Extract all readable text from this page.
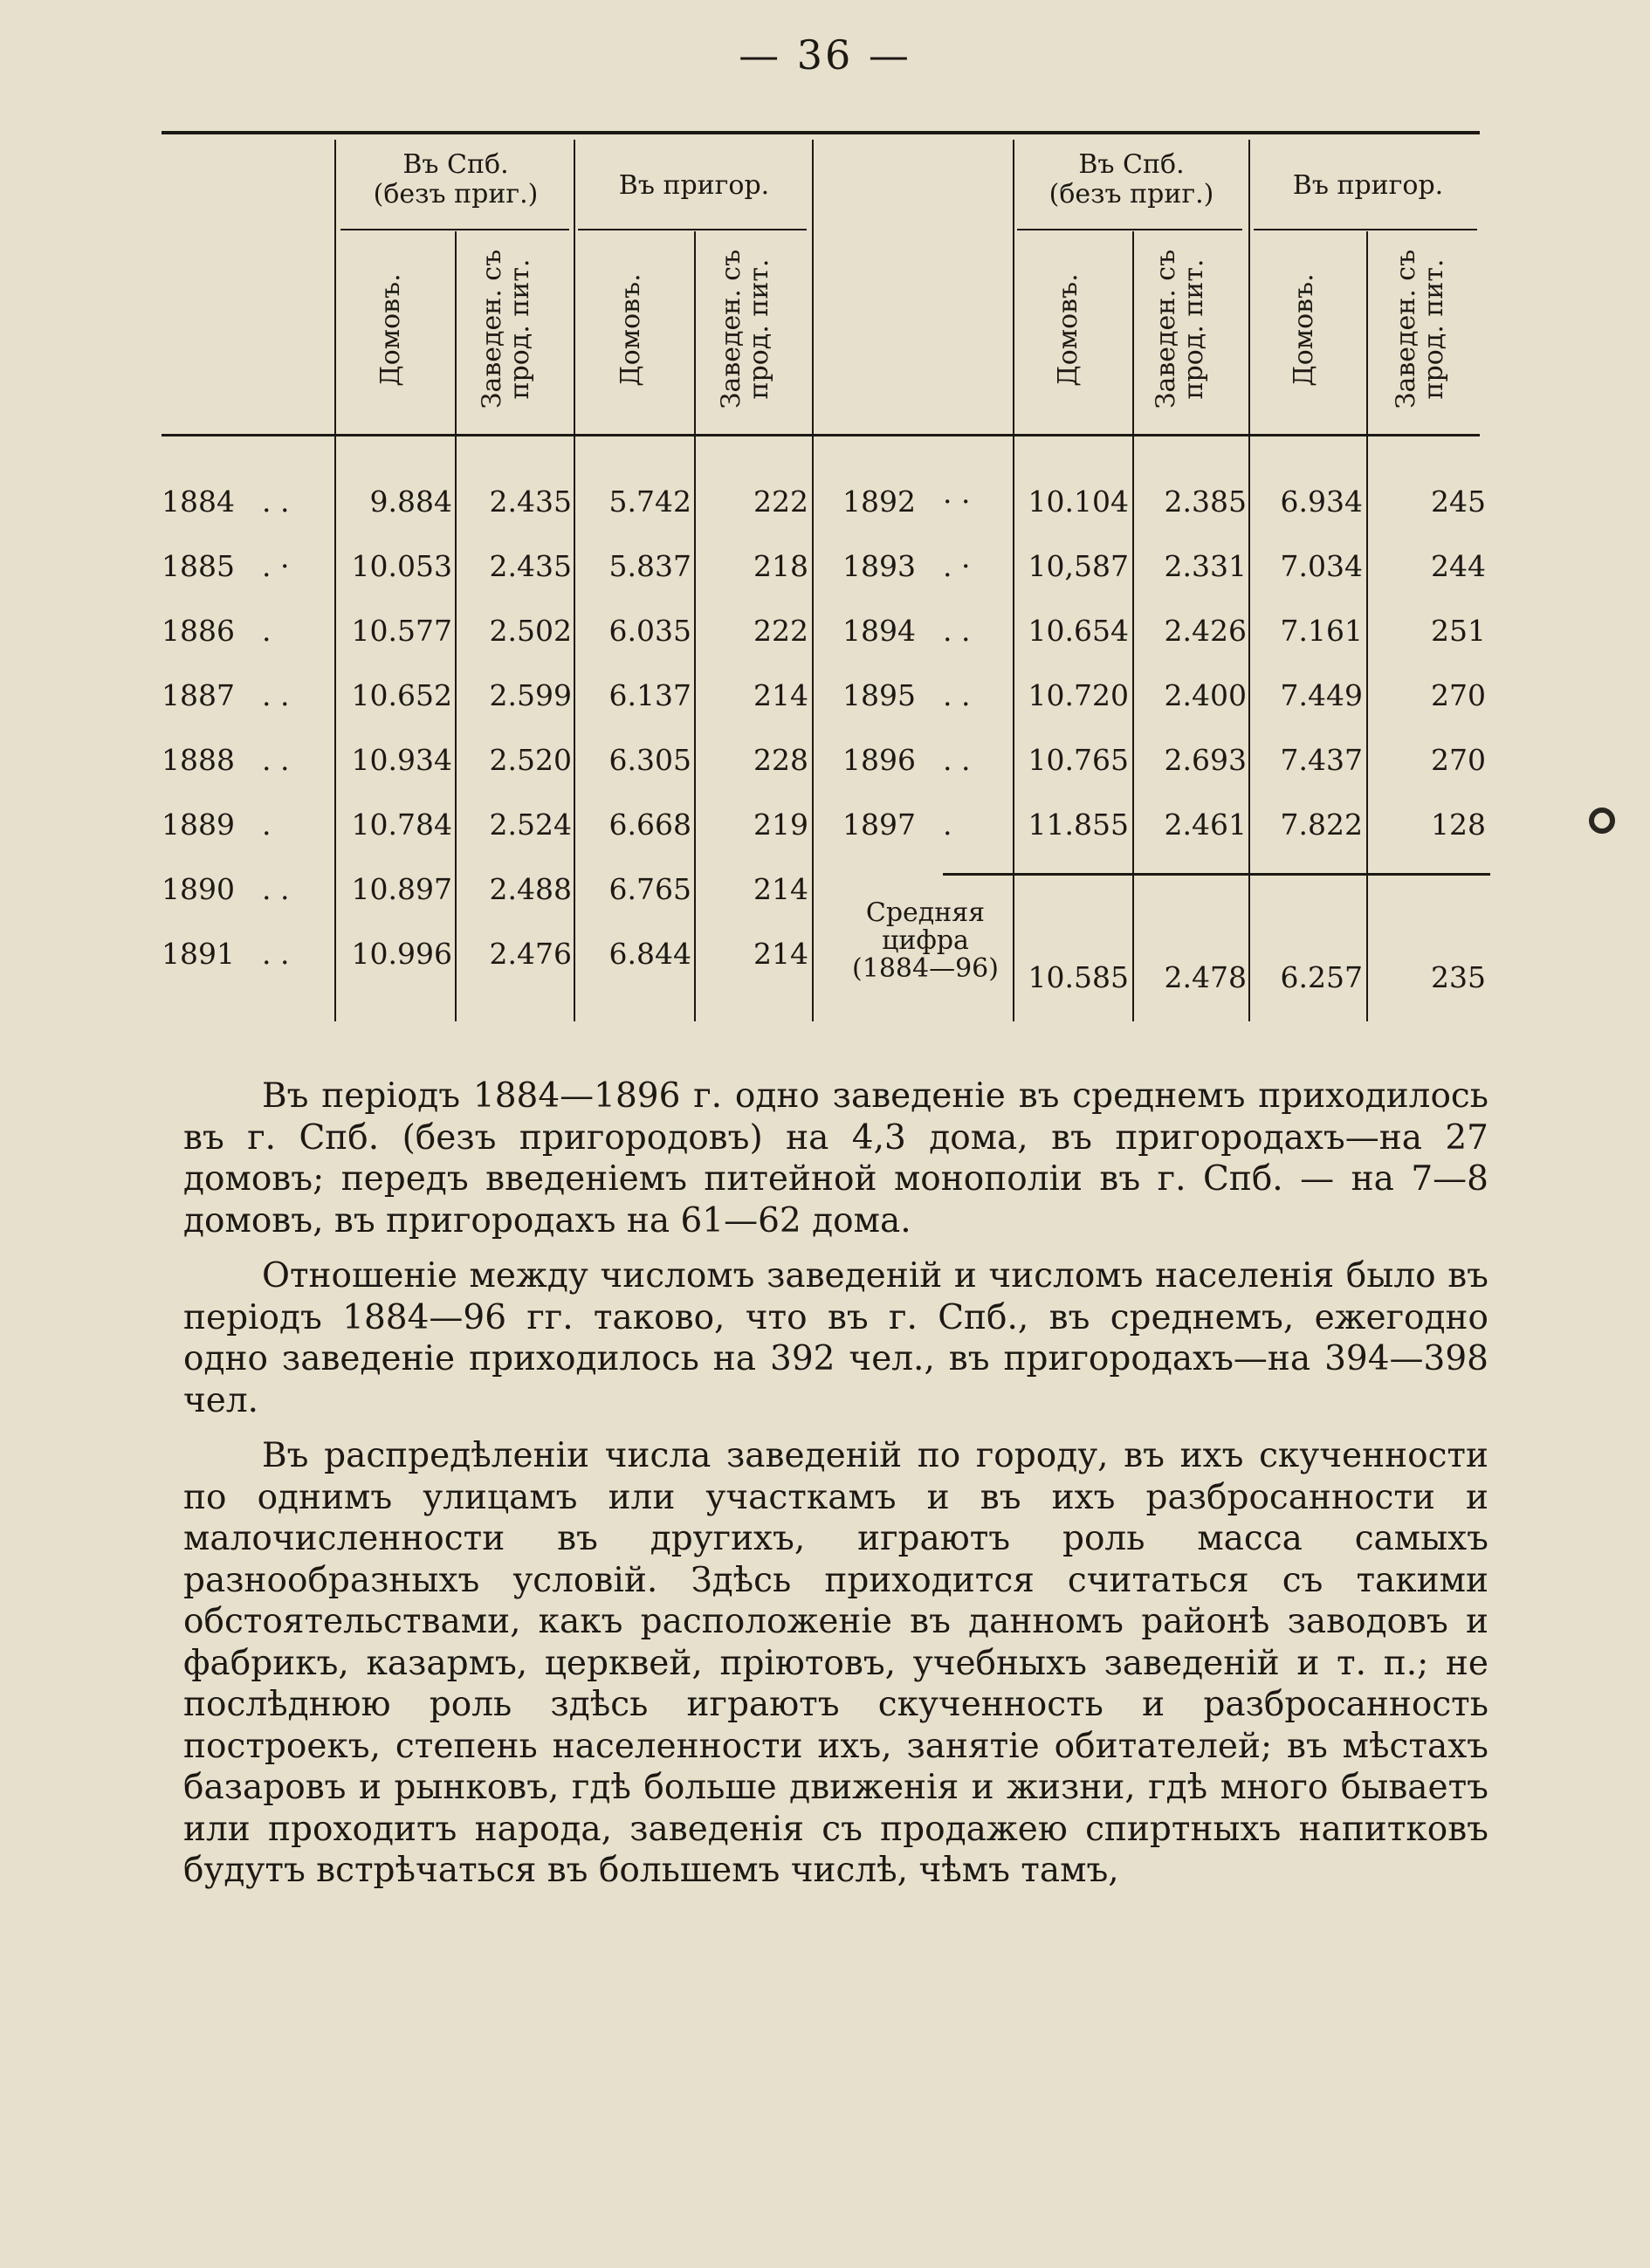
— 36 —
Въ Спб.
(безъ приг.)	Въ пригор.
Въ Спб.
(безъ приг.)	Въ пригор.
Домовъ.	Заведен. съ
прод. пит.	Домовъ.	Заведен. съ
прод. пит.	Домовъ.	Заведен. съ
прод. пит.	Домовъ.	Заведен. съ
прод. пит.
1884 . .	9.884	2.435	5.742	222
1885 . ·	10.053	2.435	5.837	218
1886 .	10.577	2.502	6.035	222
1887 . .	10.652	2.599	6.137	214
1888 . .	10.934	2.520	6.305	228
1889 .	10.784	2.524	6.668	219
1890 . .	10.897	2.488	6.765	214
1891 . .	10.996	2.476	6.844	214
1892 · ·	10.104	2.385	6.934	245
1893 . ·	10,587	2.331	7.034	244
1894 . .	10.654	2.426	7.161	251
1895 . .	10.720	2.400	7.449	270
1896 . .	10.765	2.693	7.437	270
1897 .	11.855	2.461	7.822	128
Средняя
цифра
(1884—96)	10.585	2.478	6.257	235

Въ періодъ 1884—1896 г. одно заведеніе въ среднемъ приходилось въ г. Спб. (безъ пригородовъ) на 4,3 дома, въ пригородахъ—на 27 домовъ; передъ введеніемъ питейной монополіи въ г. Спб. — на 7—8 домовъ, въ пригородахъ на 61—62 дома.

Отношеніе между числомъ заведеній и числомъ населенія было въ періодъ 1884—96 гг. таково, что въ г. Спб., въ среднемъ, ежегодно одно заведеніе приходилось на 392 чел., въ пригородахъ—на 394—398 чел.

Въ распредѣленіи числа заведеній по городу, въ ихъ скученности по однимъ улицамъ или участкамъ и въ ихъ разбросанности и малочисленности въ другихъ, играютъ роль масса самыхъ разнообразныхъ условій. Здѣсь приходится считаться съ такими обстоятельствами, какъ расположеніе въ данномъ районѣ заводовъ и фабрикъ, казармъ, церквей, пріютовъ, учебныхъ заведеній и т. п.; не послѣднюю роль здѣсь играютъ скученность и разбросанность построекъ, степень населенности ихъ, занятіе обитателей; въ мѣстахъ базаровъ и рынковъ, гдѣ больше движенія и жизни, гдѣ много бываетъ или проходитъ народа, заведенія съ продажею спиртныхъ напитковъ будутъ встрѣчаться въ большемъ числѣ, чѣмъ тамъ,
